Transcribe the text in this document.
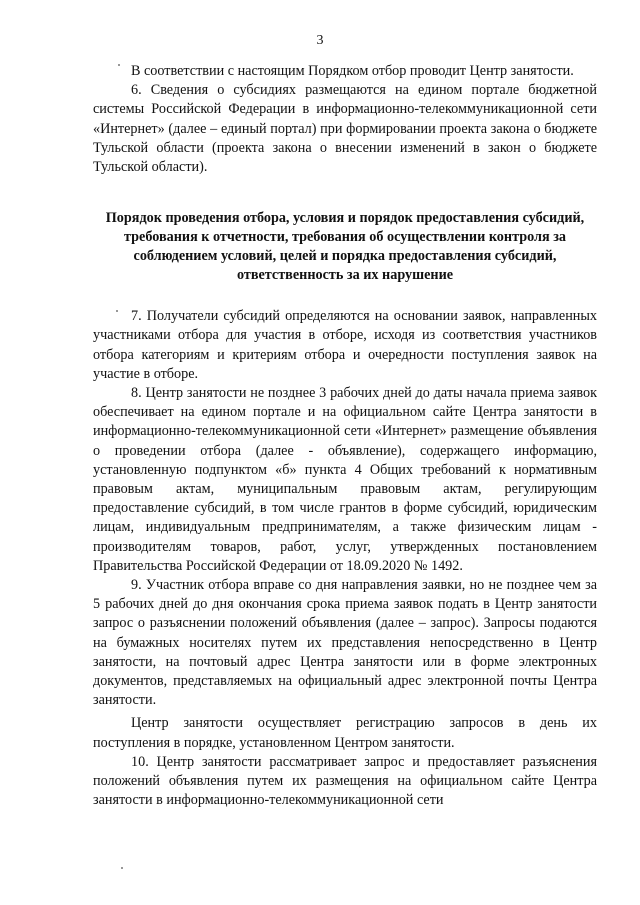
3

В соответствии с настоящим Порядком отбор проводит Центр занятости.

6. Сведения о субсидиях размещаются на едином портале бюджетной системы Российской Федерации в информационно-телекоммуникационной сети «Интернет» (далее – единый портал) при формировании проекта закона о бюджете Тульской области (проекта закона о внесении изменений в закон о бюджете Тульской области).

Порядок проведения отбора, условия и порядок предоставления субсидий, требования к отчетности, требования об осуществлении контроля за соблюдением условий, целей и порядка предоставления субсидий, ответственность за их нарушение

7. Получатели субсидий определяются на основании заявок, направленных участниками отбора для участия в отборе, исходя из соответствия участников отбора категориям и критериям отбора и очередности поступления заявок на участие в отборе.

8. Центр занятости не позднее 3 рабочих дней до даты начала приема заявок обеспечивает на едином портале и на официальном сайте Центра занятости в информационно-телекоммуникационной сети «Интернет» размещение объявления о проведении отбора (далее - объявление), содержащего информацию, установленную подпунктом «б» пункта 4 Общих требований к нормативным правовым актам, муниципальным правовым актам, регулирующим предоставление субсидий, в том числе грантов в форме субсидий, юридическим лицам, индивидуальным предпринимателям, а также физическим лицам - производителям товаров, работ, услуг, утвержденных постановлением Правительства Российской Федерации от 18.09.2020 № 1492.

9. Участник отбора вправе со дня направления заявки, но не позднее чем за 5 рабочих дней до дня окончания срока приема заявок подать в Центр занятости запрос о разъяснении положений объявления (далее – запрос). Запросы подаются на бумажных носителях путем их представления непосредственно в Центр занятости, на почтовый адрес Центра занятости или в форме электронных документов, представляемых на официальный адрес электронной почты Центра занятости.

Центр занятости осуществляет регистрацию запросов в день их поступления в порядке, установленном Центром занятости.

10. Центр занятости рассматривает запрос и предоставляет разъяснения положений объявления путем их размещения на официальном сайте Центра занятости в информационно-телекоммуникационной сети
